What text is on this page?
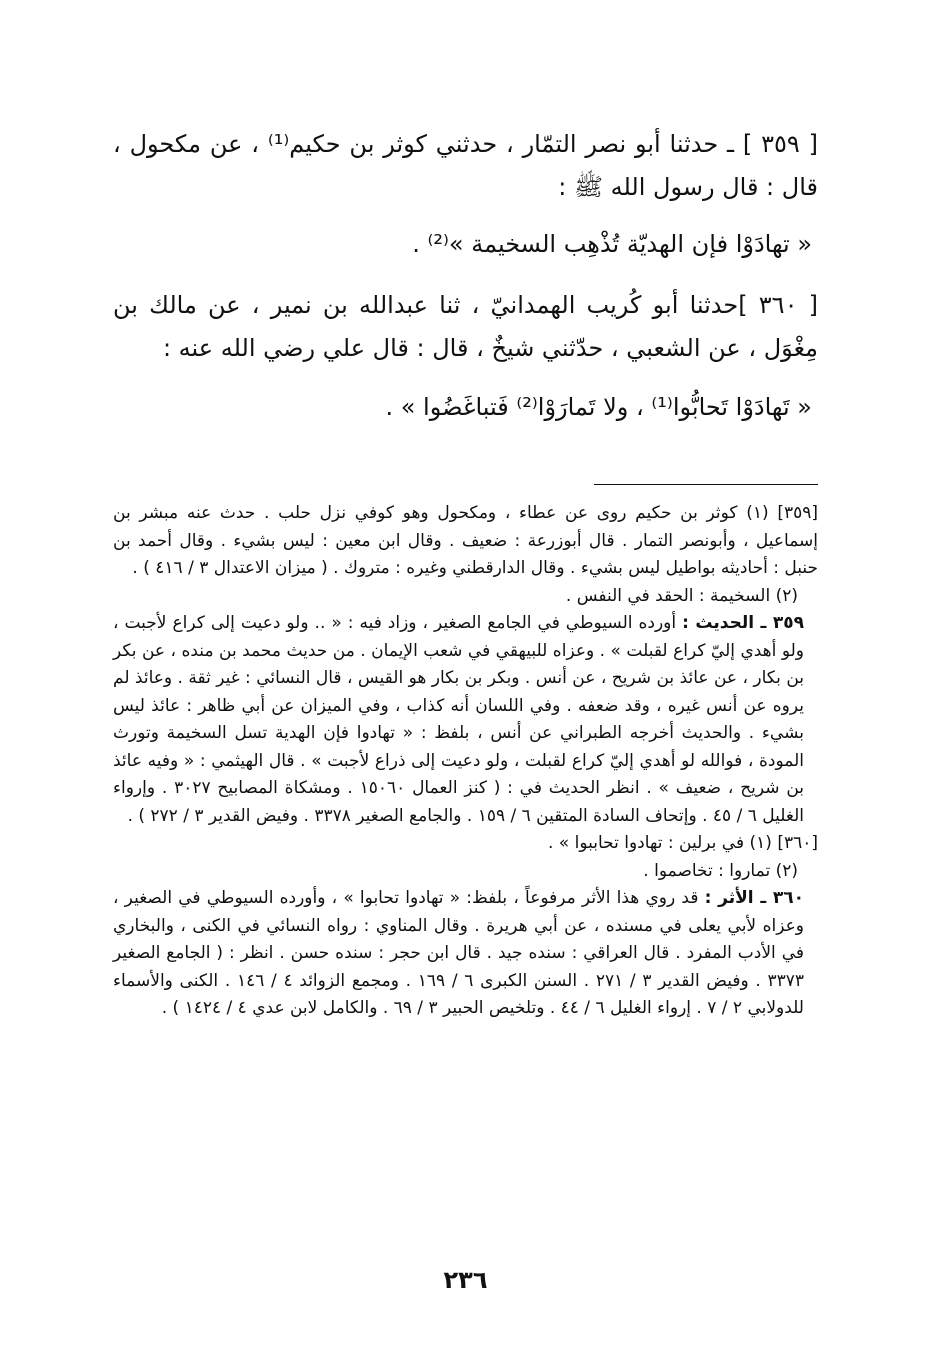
[ ٣٥٩ ] ـ حدثنا أبو نصر التمّار ، حدثني كوثر بن حكيم⁽¹⁾ ، عن مكحول ، قال : قال رسول الله ﷺ :

« تهادَوْا فإن الهديّة تُذْهِب السخيمة »⁽²⁾ .

[ ٣٦٠ ]حدثنا أبو كُريب الهمدانيّ ، ثنا عبدالله بن نمير ، عن مالك بن مِغْوَل ، عن الشعبي ، حدّثني شيخٌ ، قال : قال علي رضي الله عنه :

« تَهادَوْا تَحابُّوا⁽¹⁾ ، ولا تَمارَوْا⁽²⁾ فَتباغَضُوا » .

[٣٥٩] (١) كوثر بن حكيم روى عن عطاء ، ومكحول وهو كوفي نزل حلب . حدث عنه مبشر بن إسماعيل ، وأبونصر التمار . قال أبوزرعة : ضعيف . وقال ابن معين : ليس بشيء . وقال أحمد بن حنبل : أحاديثه بواطيل ليس بشيء . وقال الدارقطني وغيره : متروك . ( ميزان الاعتدال ٣ / ٤١٦ ) .

(٢) السخيمة : الحقد في النفس .

٣٥٩ ـ الحديث : أورده السيوطي في الجامع الصغير ، وزاد فيه : « .. ولو دعيت إلى كراع لأجبت ، ولو أهدي إليّ كراع لقبلت » . وعزاه للبيهقي في شعب الإيمان . من حديث محمد بن منده ، عن بكر بن بكار ، عن عائذ بن شريح ، عن أنس . وبكر بن بكار هو القيس ، قال النسائي : غير ثقة . وعائذ لم يروه عن أنس غيره ، وقد ضعفه . وفي اللسان أنه كذاب ، وفي الميزان عن أبي ظاهر : عائذ ليس بشيء . والحديث أخرجه الطبراني عن أنس ، بلفظ : « تهادوا فإن الهدية تسل السخيمة وتورث المودة ، فوالله لو أهدي إليّ كراع لقبلت ، ولو دعيت إلى ذراع لأجبت » . قال الهيثمي : « وفيه عائذ بن شريح ، ضعيف » . انظر الحديث في : ( كنز العمال ١٥٠٦٠ . ومشكاة المصابيح ٣٠٢٧ . وإرواء الغليل ٦ / ٤٥ . وإتحاف السادة المتقين ٦ / ١٥٩ . والجامع الصغير ٣٣٧٨ . وفيض القدير ٣ / ٢٧٢ ) .

[٣٦٠] (١) في برلين : تهادوا تحاببوا » .

(٢) تماروا : تخاصموا .

٣٦٠ ـ الأثر : قد روي هذا الأثر مرفوعاً ، بلفظ: « تهادوا تحابوا » ، وأورده السيوطي في الصغير ، وعزاه لأبي يعلى في مسنده ، عن أبي هريرة . وقال المناوي : رواه النسائي في الكنى ، والبخاري في الأدب المفرد . قال العراقي : سنده جيد . قال ابن حجر : سنده حسن . انظر : ( الجامع الصغير ٣٣٧٣ . وفيض القدير ٣ / ٢٧١ . السنن الكبرى ٦ / ١٦٩ . ومجمع الزوائد ٤ / ١٤٦ . الكنى والأسماء للدولابي ٢ / ٧ . إرواء الغليل ٦ / ٤٤ . وتلخيص الحبير ٣ / ٦٩ . والكامل لابن عدي ٤ / ١٤٢٤ ) .

٢٣٦
